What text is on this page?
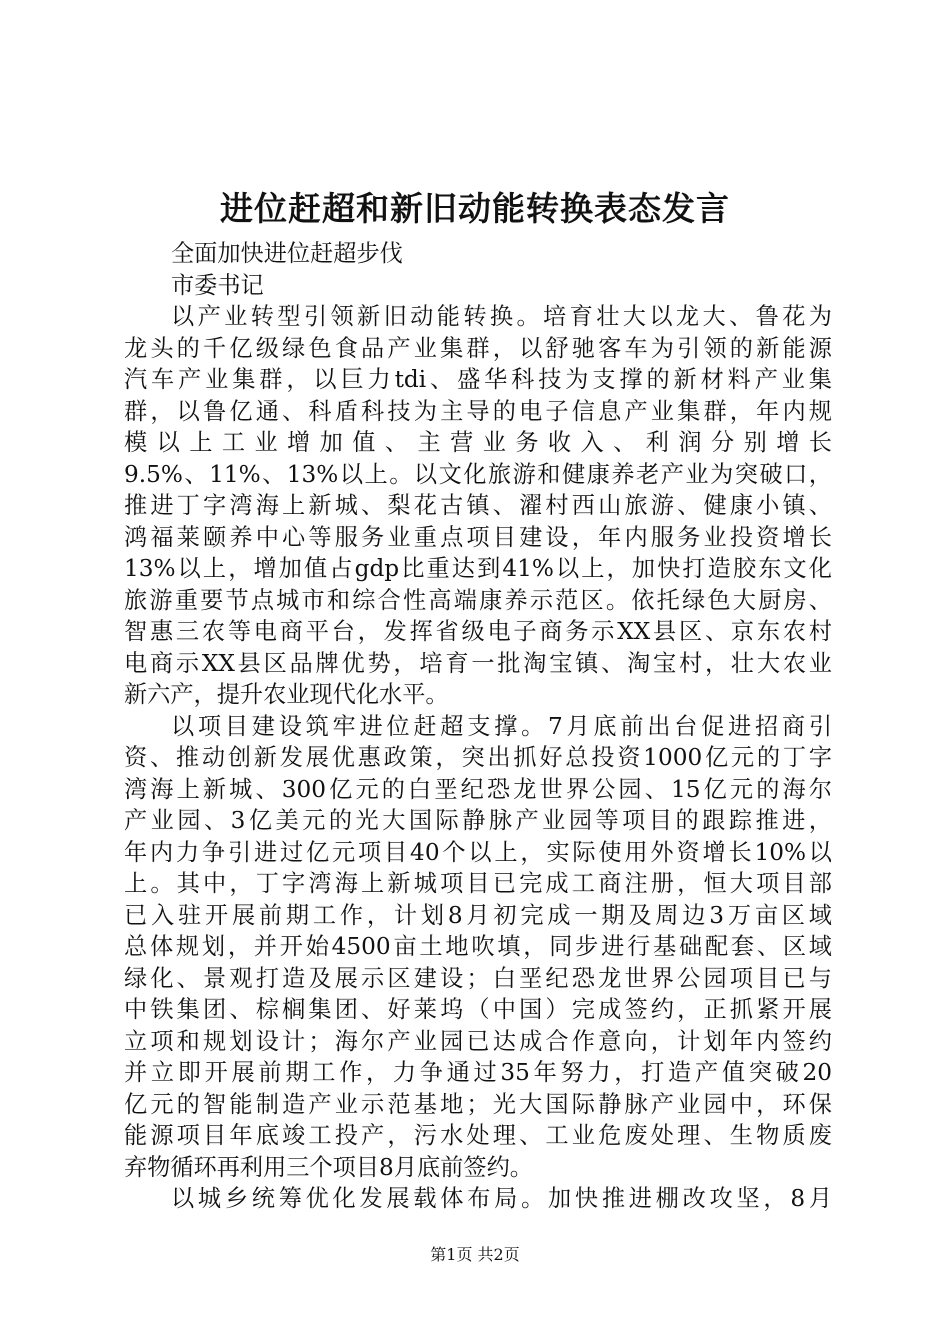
进位赶超和新旧动能转换表态发言
全面加快进位赶超步伐
市委书记
以产业转型引领新旧动能转换。培育壮大以龙大、鲁花为
龙头的千亿级绿色食品产业集群，以舒驰客车为引领的新能源
汽车产业集群，以巨力tdi、盛华科技为支撑的新材料产业集
群，以鲁亿通、科盾科技为主导的电子信息产业集群，年内规
模以上工业增加值、主营业务收入、利润分别增长
9.5%、11%、13%以上。以文化旅游和健康养老产业为突破口，
推进丁字湾海上新城、梨花古镇、濯村西山旅游、健康小镇、
鸿福莱颐养中心等服务业重点项目建设，年内服务业投资增长
13%以上，增加值占gdp比重达到41%以上，加快打造胶东文化
旅游重要节点城市和综合性高端康养示范区。依托绿色大厨房、
智惠三农等电商平台，发挥省级电子商务示XX县区、京东农村
电商示XX县区品牌优势，培育一批淘宝镇、淘宝村，壮大农业
新六产，提升农业现代化水平。
以项目建设筑牢进位赶超支撑。7月底前出台促进招商引
资、推动创新发展优惠政策，突出抓好总投资1000亿元的丁字
湾海上新城、300亿元的白垩纪恐龙世界公园、15亿元的海尔
产业园、3亿美元的光大国际静脉产业园等项目的跟踪推进，
年内力争引进过亿元项目40个以上，实际使用外资增长10%以
上。其中，丁字湾海上新城项目已完成工商注册，恒大项目部
已入驻开展前期工作，计划8月初完成一期及周边3万亩区域
总体规划，并开始4500亩土地吹填，同步进行基础配套、区域
绿化、景观打造及展示区建设；白垩纪恐龙世界公园项目已与
中铁集团、棕榈集团、好莱坞（中国）完成签约，正抓紧开展
立项和规划设计；海尔产业园已达成合作意向，计划年内签约
并立即开展前期工作，力争通过35年努力，打造产值突破20
亿元的智能制造产业示范基地；光大国际静脉产业园中，环保
能源项目年底竣工投产，污水处理、工业危废处理、生物质废
弃物循环再利用三个项目8月底前签约。
以城乡统筹优化发展载体布局。加快推进棚改攻坚，8月
第1页 共2页
